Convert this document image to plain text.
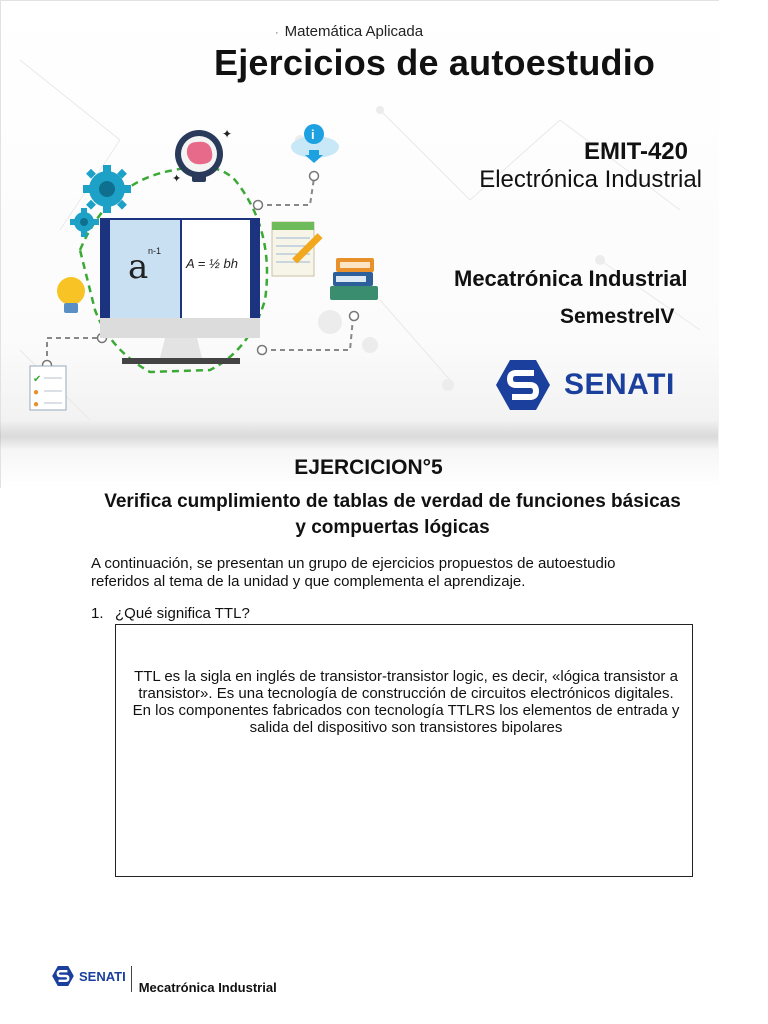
✦
✦
i
a n-1
A = ½ bh
✔
●
●
· Matemática Aplicada
Ejercicios de autoestudio
EMIT-420
Electrónica Industrial
Mecatrónica Industrial
SemestreIV
SENATI
EJERCICION°5
Verifica cumplimiento de tablas de verdad de funciones básicas y compuertas lógicas
A continuación, se presentan un grupo de ejercicios propuestos de autoestudio referidos al tema de la unidad y que complementa el aprendizaje.
1. ¿Qué significa TTL?
TTL es la sigla en inglés de transistor-transistor logic, es decir, «lógica transistor a transistor». Es una tecnología de construcción de circuitos electrónicos digitales. En los componentes fabricados con tecnología TTLRS los elementos de entrada y salida del dispositivo son transistores bipolares
SENATI
Mecatrónica Industrial
